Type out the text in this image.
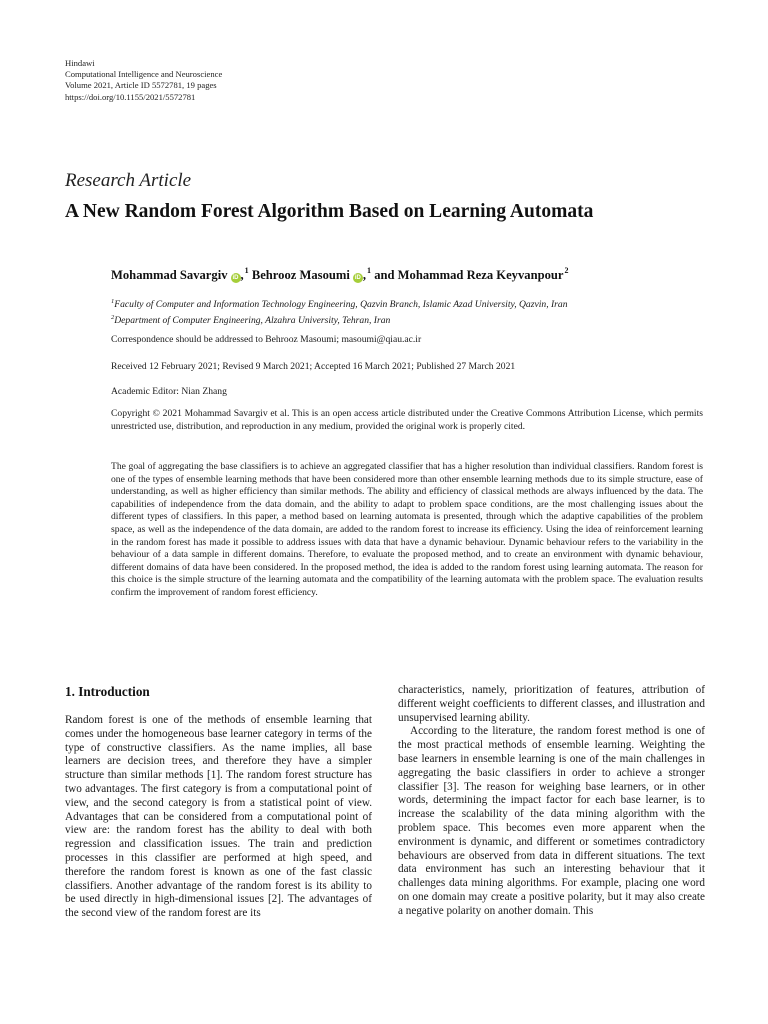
Hindawi
Computational Intelligence and Neuroscience
Volume 2021, Article ID 5572781, 19 pages
https://doi.org/10.1155/2021/5572781
Research Article
A New Random Forest Algorithm Based on Learning Automata
Mohammad Savargiv iD ,$^1$ Behrooz Masoumi iD ,$^1$ and Mohammad Reza Keyvanpour$^2$
$^1$Faculty of Computer and Information Technology Engineering, Qazvin Branch, Islamic Azad University, Qazvin, Iran
$^2$Department of Computer Engineering, Alzahra University, Tehran, Iran
Correspondence should be addressed to Behrooz Masoumi; masoumi@qiau.ac.ir
Received 12 February 2021; Revised 9 March 2021; Accepted 16 March 2021; Published 27 March 2021
Academic Editor: Nian Zhang
Copyright © 2021 Mohammad Savargiv et al. This is an open access article distributed under the Creative Commons Attribution License, which permits unrestricted use, distribution, and reproduction in any medium, provided the original work is properly cited.
The goal of aggregating the base classifiers is to achieve an aggregated classifier that has a higher resolution than individual classifiers. Random forest is one of the types of ensemble learning methods that have been considered more than other ensemble learning methods due to its simple structure, ease of understanding, as well as higher efficiency than similar methods. The ability and efficiency of classical methods are always influenced by the data. The capabilities of independence from the data domain, and the ability to adapt to problem space conditions, are the most challenging issues about the different types of classifiers. In this paper, a method based on learning automata is presented, through which the adaptive capabilities of the problem space, as well as the independence of the data domain, are added to the random forest to increase its efficiency. Using the idea of reinforcement learning in the random forest has made it possible to address issues with data that have a dynamic behaviour. Dynamic behaviour refers to the variability in the behaviour of a data sample in different domains. Therefore, to evaluate the proposed method, and to create an environment with dynamic behaviour, different domains of data have been considered. In the proposed method, the idea is added to the random forest using learning automata. The reason for this choice is the simple structure of the learning automata and the compatibility of the learning automata with the problem space. The evaluation results confirm the improvement of random forest efficiency.
1. Introduction

Random forest is one of the methods of ensemble learning that comes under the homogeneous base learner category in terms of the type of constructive classifiers. As the name implies, all base learners are decision trees, and therefore they have a simpler structure than similar methods [1]. The random forest structure has two advantages. The first category is from a computational point of view, and the second category is from a statistical point of view. Advantages that can be considered from a computational point of view are: the random forest has the ability to deal with both regression and classification issues. The train and prediction processes in this classifier are performed at high speed, and therefore the random forest is known as one of the fast classic classifiers. Another advantage of the random forest is its ability to be used directly in high-dimensional issues [2]. The advantages of the second view of the random forest are its

characteristics, namely, prioritization of features, attribution of different weight coefficients to different classes, and illustration and unsupervised learning ability.

According to the literature, the random forest method is one of the most practical methods of ensemble learning. Weighting the base learners in ensemble learning is one of the main challenges in aggregating the basic classifiers in order to achieve a stronger classifier [3]. The reason for weighing base learners, or in other words, determining the impact factor for each base learner, is to increase the scalability of the data mining algorithm with the problem space. This becomes even more apparent when the environment is dynamic, and different or sometimes contradictory behaviours are observed from data in different situations. The text data environment has such an interesting behaviour that it challenges data mining algorithms. For example, placing one word on one domain may create a positive polarity, but it may also create a negative polarity on another domain. This
